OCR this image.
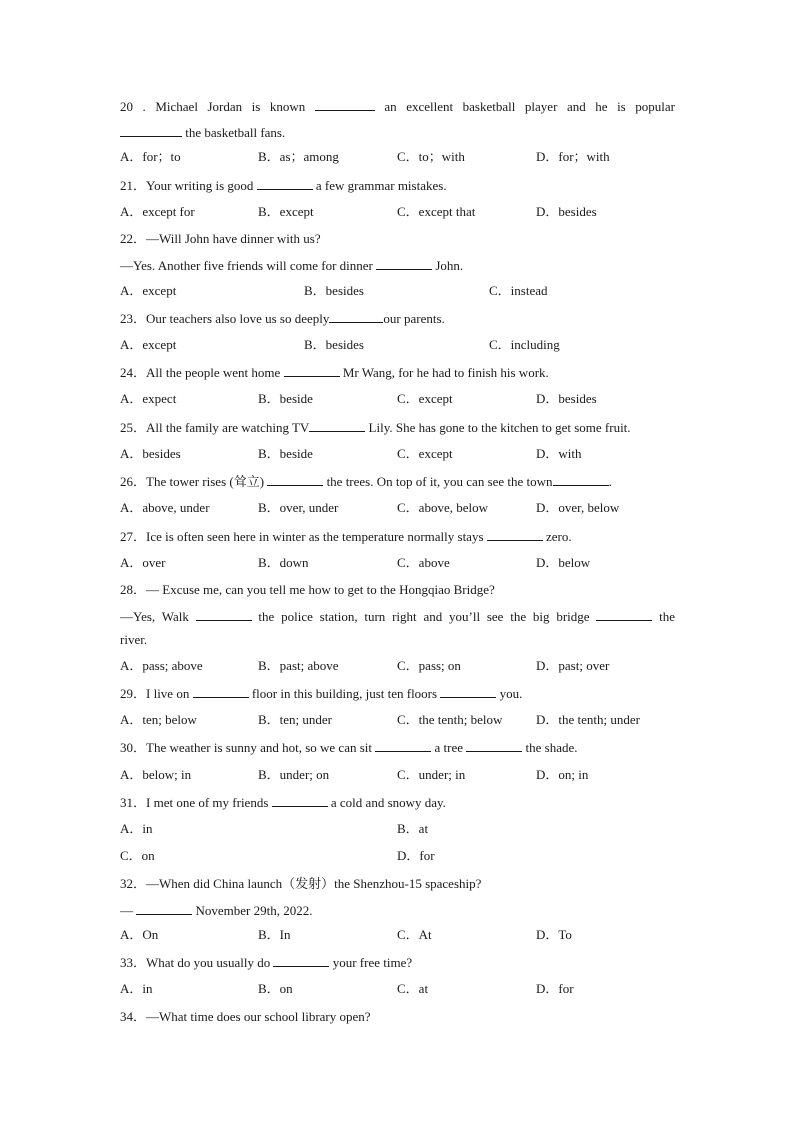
20 . Michael Jordan is known	an excellent basketball player and he is popular
the basketball fans.
A．for；to	B．as；among	C．to；with	D．for；with
21．Your writing is good	a few grammar mistakes.
A．except for	B．except	C．except that	D．besides
22．—Will John have dinner with us?
—Yes. Another five friends will come for dinner	John.
A．except	B．besides	C．instead
23．Our teachers also love us so deeply	our parents.
A．except	B．besides	C．including
24．All the people went home	Mr Wang, for he had to finish his work.
A．expect	B．beside	C．except	D．besides
25．All the family are watching TV	Lily. She has gone to the kitchen to get some fruit.
A．besides	B．beside	C．except	D．with
26．The tower rises (耸立)	the trees. On top of it, you can see the town	.
A．above, under	B．over, under	C．above, below	D．over, below
27．Ice is often seen here in winter as the temperature normally stays	zero.
A．over	B．down	C．above	D．below
28．— Excuse me, can you tell me how to get to the Hongqiao Bridge?
—Yes, Walk	the police station, turn right and you’ll see the big bridge	the
river.
A．pass; above	B．past; above	C．pass; on	D．past; over
29．I live on	floor in this building, just ten floors	you.
A．ten; below	B．ten; under	C．the tenth; below	D．the tenth; under
30．The weather is sunny and hot, so we can sit	a tree	the shade.
A．below; in	B．under; on	C．under; in	D．on; in
31．I met one of my friends	a cold and snowy day.
A．in	B．at
C．on	D．for
32．—When did China launch（发射）the Shenzhou-15 spaceship?
—	November 29th, 2022.
A．On	B．In	C．At	D．To
33．What do you usually do	your free time?
A．in	B．on	C．at	D．for
34．—What time does our school library open?
